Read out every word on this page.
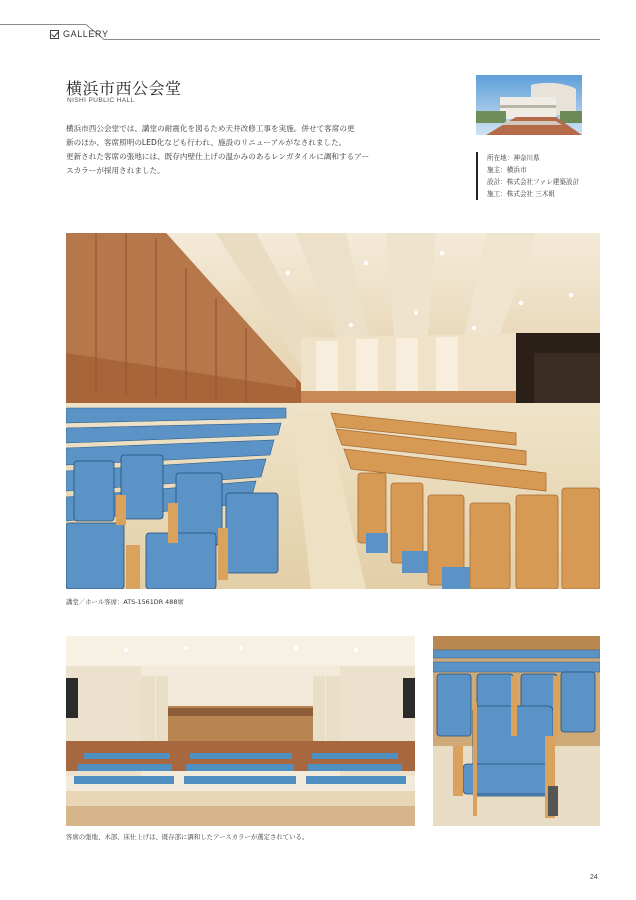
GALLERY
横浜市西公会堂
NISHI PUBLIC HALL

横浜市西公会堂では、講堂の耐震化を図るため天井改修工事を実施。併せて客席の更

新のほか、客席照明のLED化なども行われ、施設のリニューアルがなされました。

更新された客席の張地には、既存内壁仕上げの温かみのあるレンガタイルに調和するアー

スカラーが採用されました。

所在地：神奈川県
施主：横浜市
設計：株式会社ファレ建築設計
施工：株式会社 三木組
講堂／ホール客席：ATS-1561DR 488席
客席の張地、木部、床仕上げは、既存部に調和したアースカラーが選定されている。
24
